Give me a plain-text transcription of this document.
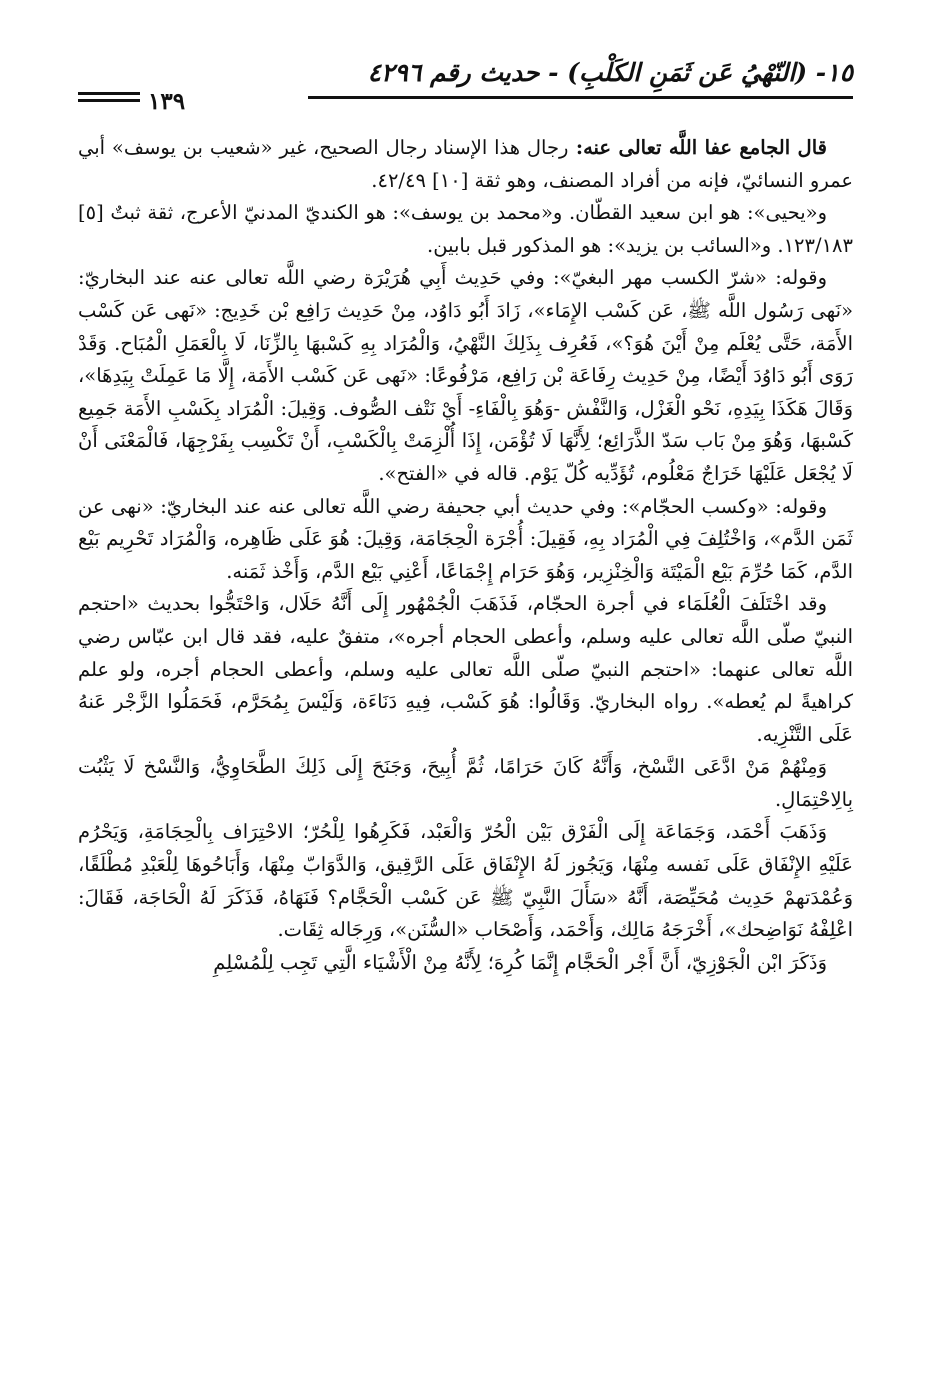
١٥- (النّهْيُ عَن ثَمَنِ الكَلْبِ) - حديث رقم ٤٢٩٦
١٣٩

قال الجامع عفا اللَّه تعالى عنه: رجال هذا الإسناد رجال الصحيح، غير «شعيب بن يوسف» أبي عمرو النسائيّ، فإنه من أفراد المصنف، وهو ثقة [١٠] ٤٢/٤٩.

و«يحيى»: هو ابن سعيد القطّان. و«محمد بن يوسف»: هو الكنديّ المدنيّ الأعرج، ثقة ثبتٌ [٥] ١٢٣/١٨٣. و«السائب بن يزيد»: هو المذكور قبل بابين.

وقوله: «شرّ الكسب مهر البغيّ»: وفي حَدِيث أَبِي هُرَيْرَة رضي اللَّه تعالى عنه عند البخاريّ: «نَهى رَسُول اللَّه ﷺ، عَن كَسْب الإِمَاء»، زَادَ أَبُو دَاوُد، مِنْ حَدِيث رَافِع بْن خَدِيج: «نَهى عَن كَسْب الأَمَة، حَتَّى يُعْلَم مِنْ أَيْنَ هُوَ؟»، فَعُرِف بِذَلِكَ النَّهْيُ، وَالْمُرَاد بِهِ كَسْبهَا بِالزِّنَا، لَا بِالْعَمَلِ الْمُبَاح. وَقَدْ رَوَى أَبُو دَاوُدَ أَيْضًا، مِنْ حَدِيث رِفَاعَة بْن رَافِع، مَرْفُوعًا: «نَهى عَن كَسْب الأَمَة، إِلَّا مَا عَمِلَتْ بِيَدِهَا»، وَقَالَ هَكَذَا بِيَدِهِ، نَحْو الْغَزْل، وَالنَّفْش -وَهُوَ بِالْفَاءِ- أَيْ نَتْف الصُّوف. وَقِيلَ: الْمُرَاد بِكَسْبِ الأَمَة جَمِيع كَسْبهَا، وَهُوَ مِنْ بَاب سَدّ الذَّرَائِع؛ لِأَنَّهَا لَا تُؤْمَن، إِذَا أُلْزِمَتْ بِالْكَسْبِ، أَنْ تَكْسِب بِفَرْجِهَا، فَالْمَعْنَى أَنْ لَا يُجْعَل عَلَيْهَا خَرَاجٌ مَعْلُوم، تُؤَدِّيه كُلّ يَوْم. قاله في «الفتح».

وقوله: «وكسب الحجّام»: وفي حديث أبي جحيفة رضي اللَّه تعالى عنه عند البخاريّ: «نهى عن ثَمَن الدَّم»، وَاخْتُلِفَ فِي الْمُرَاد بِهِ، فَقِيلَ: أُجْرَة الْحِجَامَة، وَقِيلَ: هُوَ عَلَى ظَاهِره، وَالْمُرَاد تَحْرِيم بَيْع الدَّم، كَمَا حُرِّمَ بَيْع الْمَيْتَة وَالْخِنْزِير، وَهُوَ حَرَام إِجْمَاعًا، أَعْنِي بَيْع الدَّم، وَأَخْذ ثَمَنه.

وقد اخْتَلَفَ الْعُلَمَاء في أجرة الحجّام، فَذَهَبَ الْجُمْهُور إِلَى أَنَّهُ حَلَال، وَاحْتَجُّوا بحديث «احتجم النبيّ صلّى اللَّه تعالى عليه وسلم، وأعطى الحجام أجره»، متفقٌ عليه، فقد قال ابن عبّاس رضي اللَّه تعالى عنهما: «احتجم النبيّ صلّى اللَّه تعالى عليه وسلم، وأعطى الحجام أجره، ولو علم كراهيةً لم يُعطه». رواه البخاريّ. وَقَالُوا: هُوَ كَسْب، فِيهِ دَنَاءَة، وَلَيْسَ بِمُحَرَّم، فَحَمَلُوا الزَّجْر عَنهُ عَلَى التَّنْزِيه.

وَمِنْهُمْ مَنْ ادَّعَى النَّسْخ، وَأَنَّهُ كَانَ حَرَامًا، ثُمَّ أُبِيحَ، وَجَنَحَ إِلَى ذَلِكَ الطَّحَاوِيُّ، وَالنَّسْخ لَا يَثْبُت بِالِاحْتِمَالِ.

وَذَهَبَ أَحْمَد، وَجَمَاعَة إِلَى الْفَرْق بَيْن الْحُرّ وَالْعَبْد، فَكَرِهُوا لِلْحُرّ؛ الاحْتِرَاف بِالْحِجَامَةِ، وَيَحْرُم عَلَيْهِ الإِنْفَاق عَلَى نَفسه مِنْهَا، وَيَجُوز لَهُ الإِنْفَاق عَلَى الرَّقِيق، وَالدَّوَابّ مِنْهَا، وَأَبَاحُوهَا لِلْعَبْدِ مُطْلَقًا، وَعُمْدَتهمْ حَدِيث مُحَيِّصَة، أَنَّهُ «سَأَلَ النَّبِيّ ﷺ عَن كَسْب الْحَجَّام؟ فَنَهَاهُ، فَذَكَرَ لَهُ الْحَاجَة، فَقَالَ: اعْلِفْهُ نَوَاضِحك»، أَخْرَجَهُ مَالِك، وَأَحْمَد، وَأَصْحَاب «السُّنَن»، وَرِجَاله ثِقَات.

وَذَكَرَ ابْن الْجَوْزِيّ، أَنَّ أَجْر الْحَجَّام إِنَّمَا كُرِهَ؛ لِأَنَّهُ مِنْ الْأَشْيَاء الَّتِي تَجِب لِلْمُسْلِمِ
